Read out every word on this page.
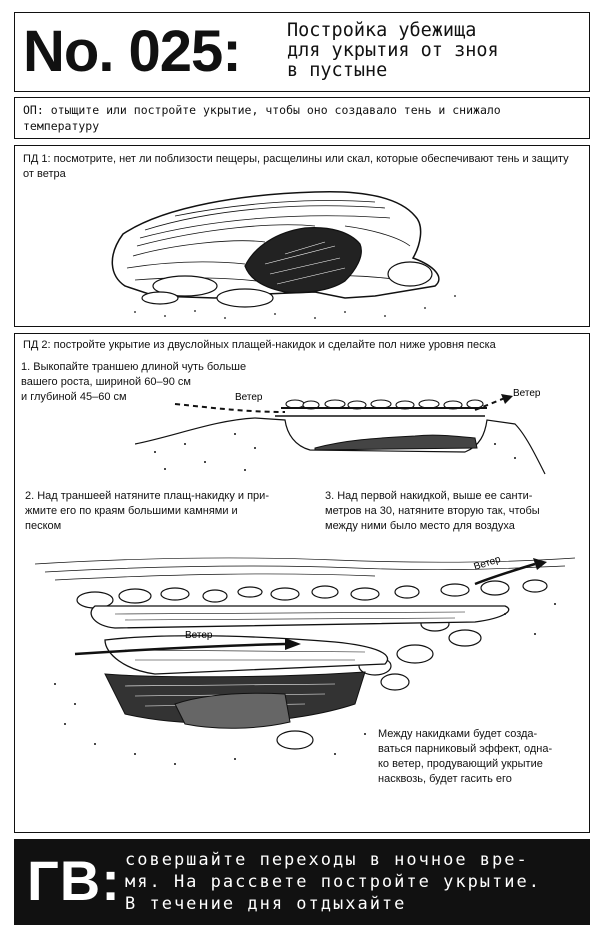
No. 025:	Постройка убежища
для укрытия от зноя
в пустыне
ОП: отыщите или постройте укрытие, чтобы оно создавало тень и снижало температуру
ПД 1: посмотрите, нет ли поблизости пещеры, расщелины или скал, которые обеспечивают тень и защиту от ветра
ПД 2: постройте укрытие из двуслойных плащей-накидок и сделайте пол ниже уровня песка
1. Выкопайте траншею длиной чуть больше
вашего роста, шириной 60–90 см
и глубиной 45–60 см
2. Над траншеей натяните плащ-накидку и при-
жмите его по краям большими камнями и
песком
3. Над первой накидкой, выше ее санти-
метров на 30, натяните вторую так, чтобы
между ними было место для воздуха
Между накидками будет созда-
ваться парниковый эффект, одна-
ко ветер, продувающий укрытие
насквозь, будет гасить его
Ветер	Ветер
Ветер
Ветер
ГВ: совершайте переходы в ночное вре-
мя. На рассвете постройте укрытие.
В течение дня отдыхайте
